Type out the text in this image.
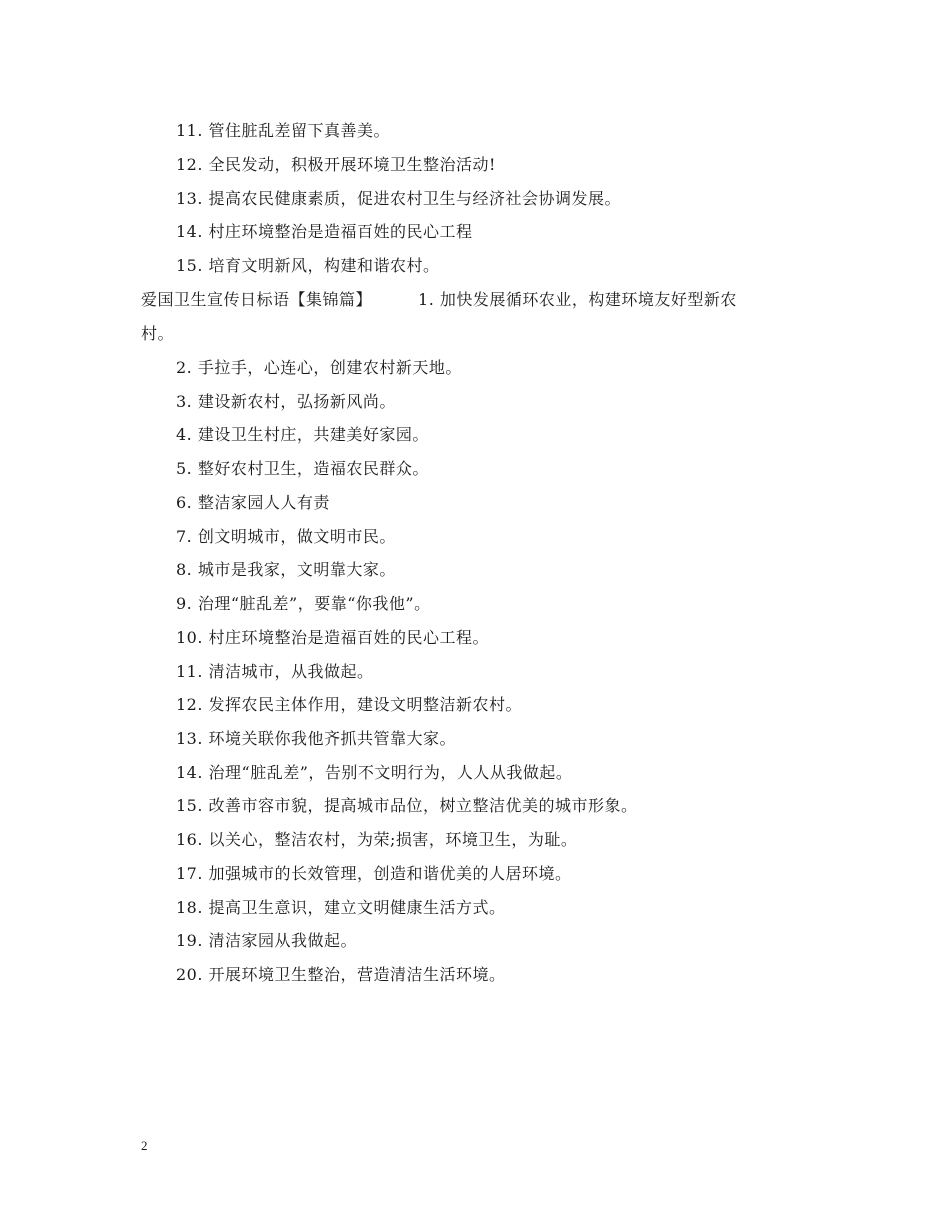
11. 管住脏乱差留下真善美。
12. 全民发动，积极开展环境卫生整治活动!
13. 提高农民健康素质，促进农村卫生与经济社会协调发展。
14. 村庄环境整治是造福百姓的民心工程
15. 培育文明新风，构建和谐农村。
爱国卫生宣传日标语【集锦篇】	1. 加快发展循环农业，构建环境友好型新农
村。
2. 手拉手，心连心，创建农村新天地。
3. 建设新农村，弘扬新风尚。
4. 建设卫生村庄，共建美好家园。
5. 整好农村卫生，造福农民群众。
6. 整洁家园人人有责
7. 创文明城市，做文明市民。
8. 城市是我家，文明靠大家。
9. 治理“脏乱差”，要靠“你我他”。
10. 村庄环境整治是造福百姓的民心工程。
11. 清洁城市，从我做起。
12. 发挥农民主体作用，建设文明整洁新农村。
13. 环境关联你我他齐抓共管靠大家。
14. 治理“脏乱差”，告别不文明行为，人人从我做起。
15. 改善市容市貌，提高城市品位，树立整洁优美的城市形象。
16. 以关心，整洁农村，为荣;损害，环境卫生，为耻。
17. 加强城市的长效管理，创造和谐优美的人居环境。
18. 提高卫生意识，建立文明健康生活方式。
19. 清洁家园从我做起。
20. 开展环境卫生整治，营造清洁生活环境。
2
